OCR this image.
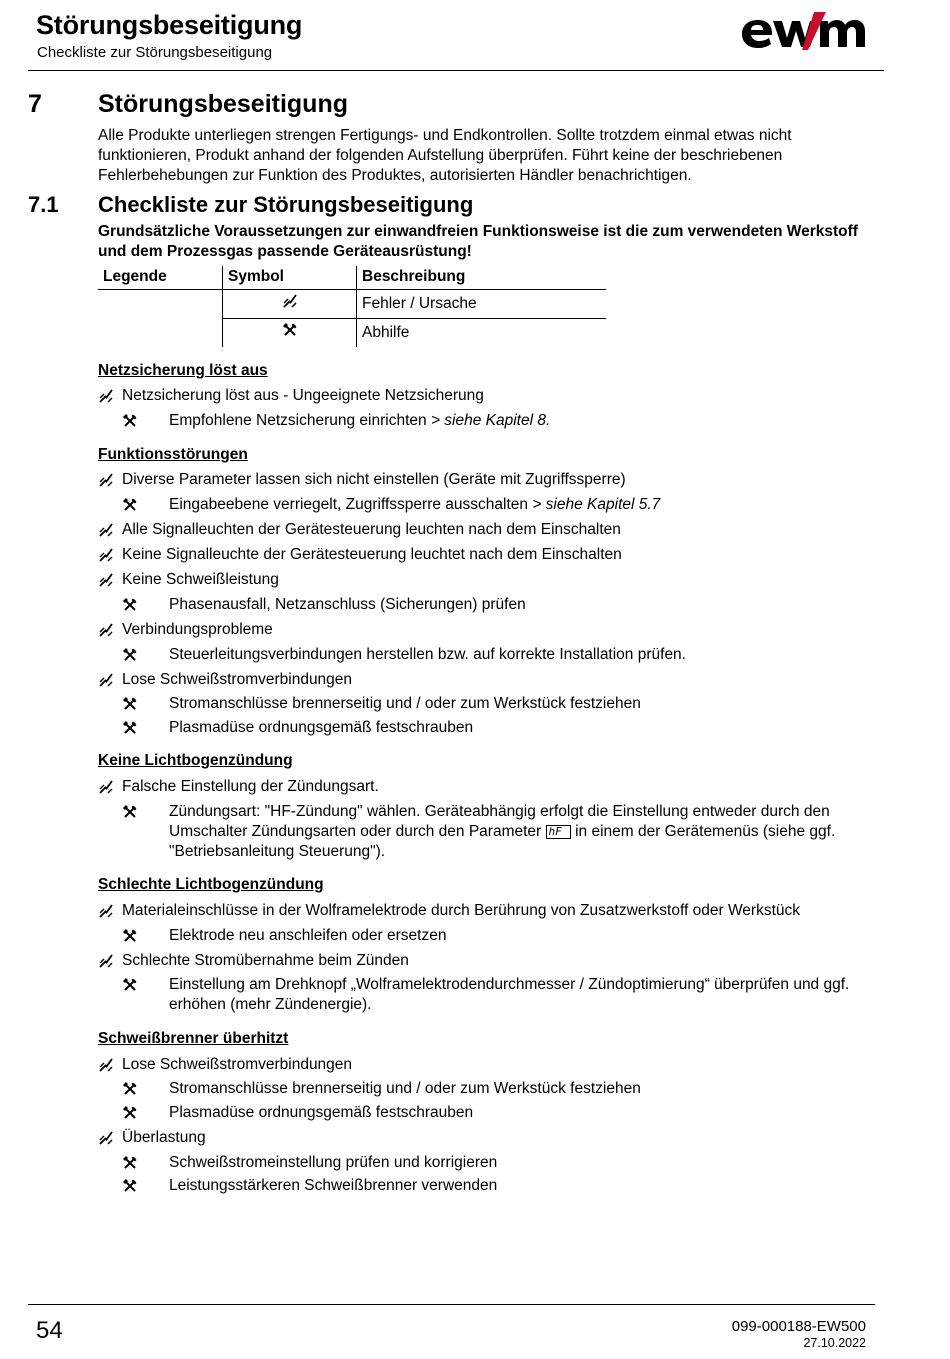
Störungsbeseitigung
Checkliste zur Störungsbeseitigung
7 Störungsbeseitigung
Alle Produkte unterliegen strengen Fertigungs- und Endkontrollen. Sollte trotzdem einmal etwas nicht funktionieren, Produkt anhand der folgenden Aufstellung überprüfen. Führt keine der beschriebenen Fehlerbehebungen zur Funktion des Produktes, autorisierten Händler benachrichtigen.
7.1 Checkliste zur Störungsbeseitigung
Grundsätzliche Voraussetzungen zur einwandfreien Funktionsweise ist die zum verwendeten Werkstoff und dem Prozessgas passende Geräteausrüstung!
Legende	Symbol	Beschreibung
		Fehler / Ursache
		Abhilfe
Netzsicherung löst aus
Netzsicherung löst aus - Ungeeignete Netzsicherung
Empfohlene Netzsicherung einrichten > siehe Kapitel 8.
Funktionsstörungen
Diverse Parameter lassen sich nicht einstellen (Geräte mit Zugriffssperre)
Eingabeebene verriegelt, Zugriffssperre ausschalten > siehe Kapitel 5.7
Alle Signalleuchten der Gerätesteuerung leuchten nach dem Einschalten
Keine Signalleuchte der Gerätesteuerung leuchtet nach dem Einschalten
Keine Schweißleistung
Phasenausfall, Netzanschluss (Sicherungen) prüfen
Verbindungsprobleme
Steuerleitungsverbindungen herstellen bzw. auf korrekte Installation prüfen.
Lose Schweißstromverbindungen
Stromanschlüsse brennerseitig und / oder zum Werkstück festziehen
Plasmadüse ordnungsgemäß festschrauben
Keine Lichtbogenzündung
Falsche Einstellung der Zündungsart.
Zündungsart: "HF-Zündung" wählen. Geräteabhängig erfolgt die Einstellung entweder durch den Umschalter Zündungsarten oder durch den Parameter hF in einem der Gerätemenüs (siehe ggf. "Betriebsanleitung Steuerung").
Schlechte Lichtbogenzündung
Materialeinschlüsse in der Wolframelektrode durch Berührung von Zusatzwerkstoff oder Werkstück
Elektrode neu anschleifen oder ersetzen
Schlechte Stromübernahme beim Zünden
Einstellung am Drehknopf „Wolframelektrodendurchmesser / Zündoptimierung“ überprüfen und ggf. erhöhen (mehr Zündenergie).
Schweißbrenner überhitzt
Lose Schweißstromverbindungen
Stromanschlüsse brennerseitig und / oder zum Werkstück festziehen
Plasmadüse ordnungsgemäß festschrauben
Überlastung
Schweißstromeinstellung prüfen und korrigieren
Leistungsstärkeren Schweißbrenner verwenden
54	099-000188-EW500
27.10.2022
